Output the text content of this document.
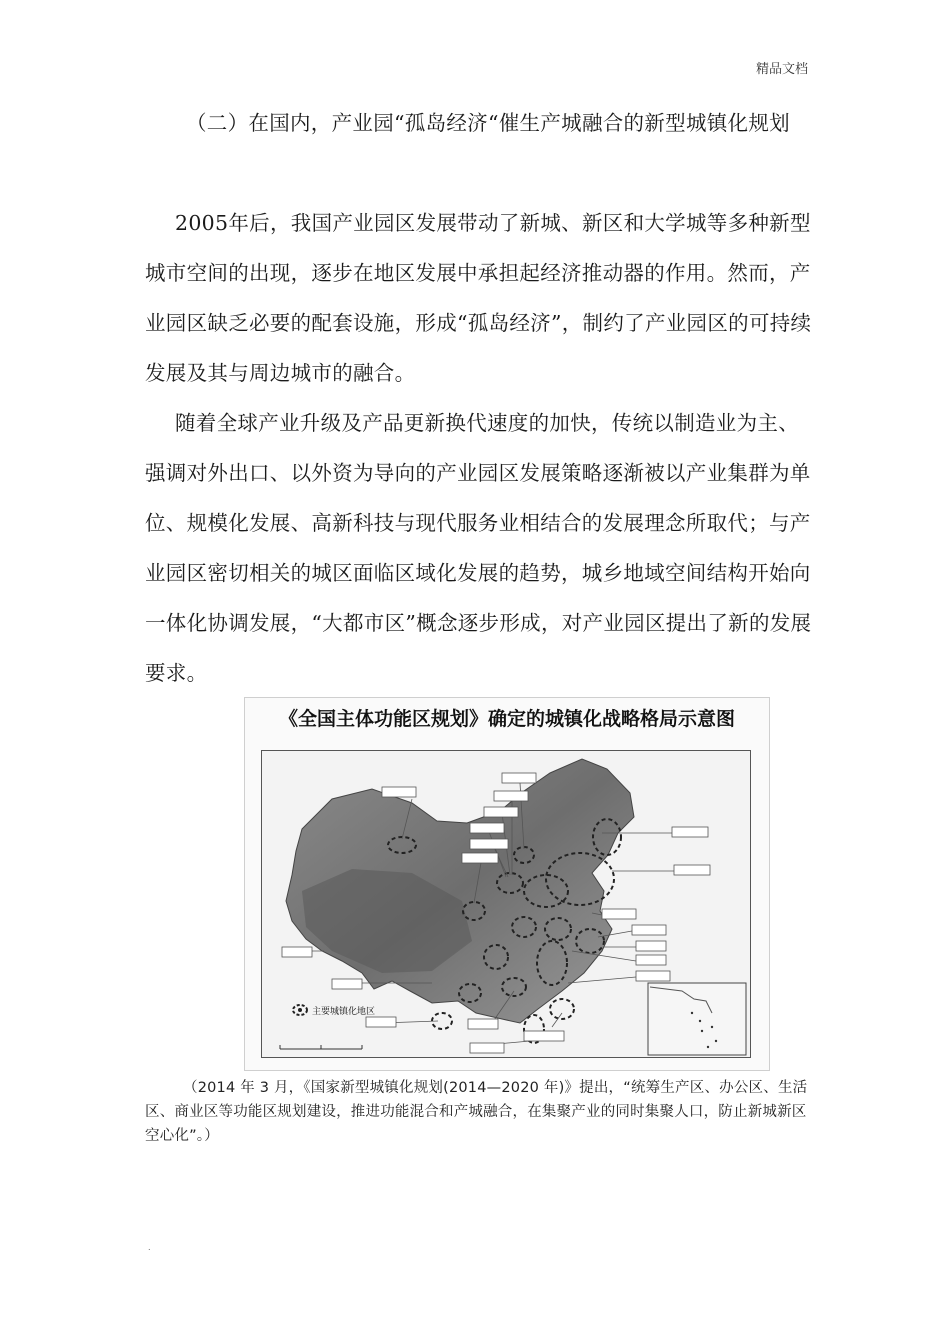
精品文档

（二）在国内，产业园“孤岛经济“催生产城融合的新型城镇化规划

2005年后，我国产业园区发展带动了新城、新区和大学城等多种新型城市空间的出现，逐步在地区发展中承担起经济推动器的作用。然而，产业园区缺乏必要的配套设施，形成“孤岛经济”，制约了产业园区的可持续发展及其与周边城市的融合。

随着全球产业升级及产品更新换代速度的加快，传统以制造业为主、强调对外出口、以外资为导向的产业园区发展策略逐渐被以产业集群为单位、规模化发展、高新科技与现代服务业相结合的发展理念所取代；与产业园区密切相关的城区面临区域化发展的趋势，城乡地域空间结构开始向一体化协调发展，“大都市区”概念逐步形成，对产业园区提出了新的发展要求。

《全国主体功能区规划》确定的城镇化战略格局示意图
主要城镇化地区

（2014 年 3 月，《国家新型城镇化规划(2014—2020 年)》提出，“统筹生产区、办公区、生活区、商业区等功能区规划建设，推进功能混合和产城融合，在集聚产业的同时集聚人口，防止新城新区空心化”。）

.
